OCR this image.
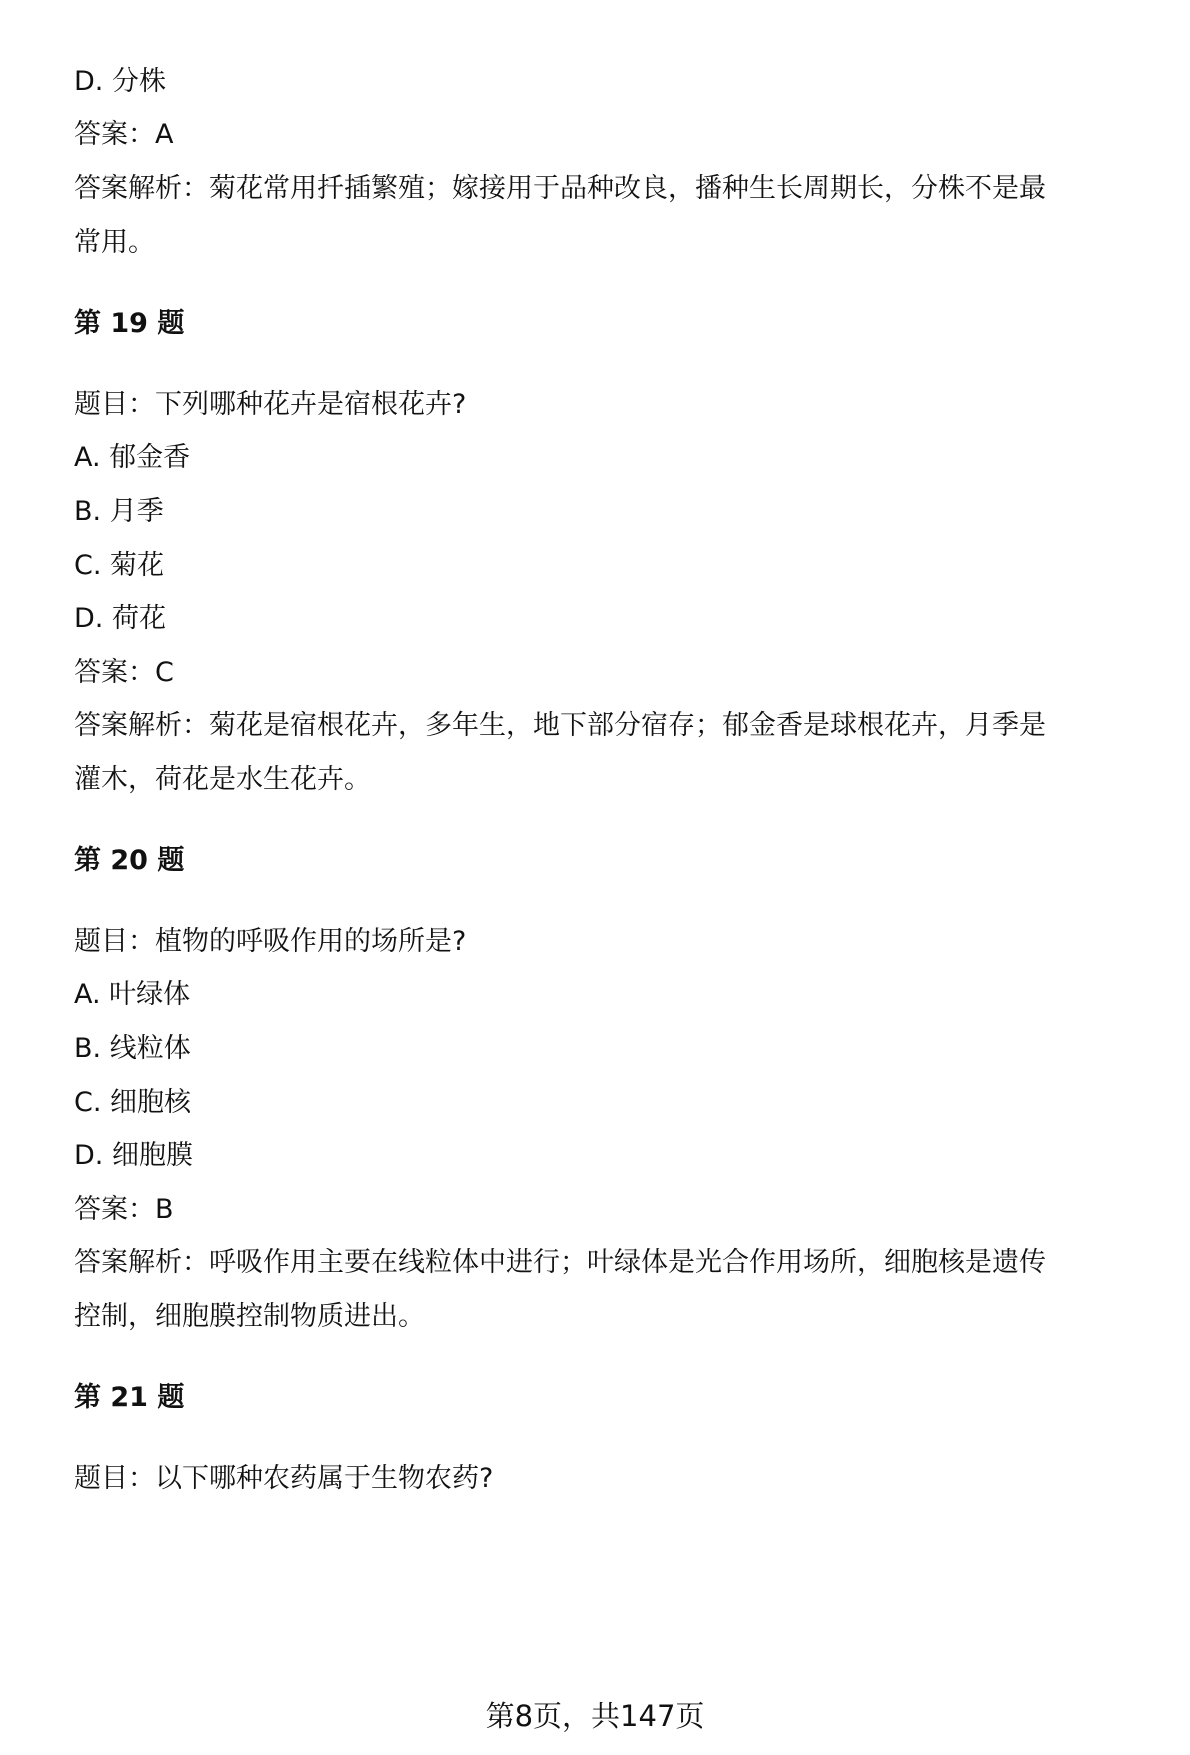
D. 分株
答案：A
答案解析：菊花常用扦插繁殖；嫁接用于品种改良，播种生长周期长，分株不是最
常用。
第 19 题
题目：下列哪种花卉是宿根花卉?
A. 郁金香
B. 月季
C. 菊花
D. 荷花
答案：C
答案解析：菊花是宿根花卉，多年生，地下部分宿存；郁金香是球根花卉，月季是
灌木，荷花是水生花卉。
第 20 题
题目：植物的呼吸作用的场所是?
A. 叶绿体
B. 线粒体
C. 细胞核
D. 细胞膜
答案：B
答案解析：呼吸作用主要在线粒体中进行；叶绿体是光合作用场所，细胞核是遗传
控制，细胞膜控制物质进出。
第 21 题
题目：以下哪种农药属于生物农药?
第8页，共147页
